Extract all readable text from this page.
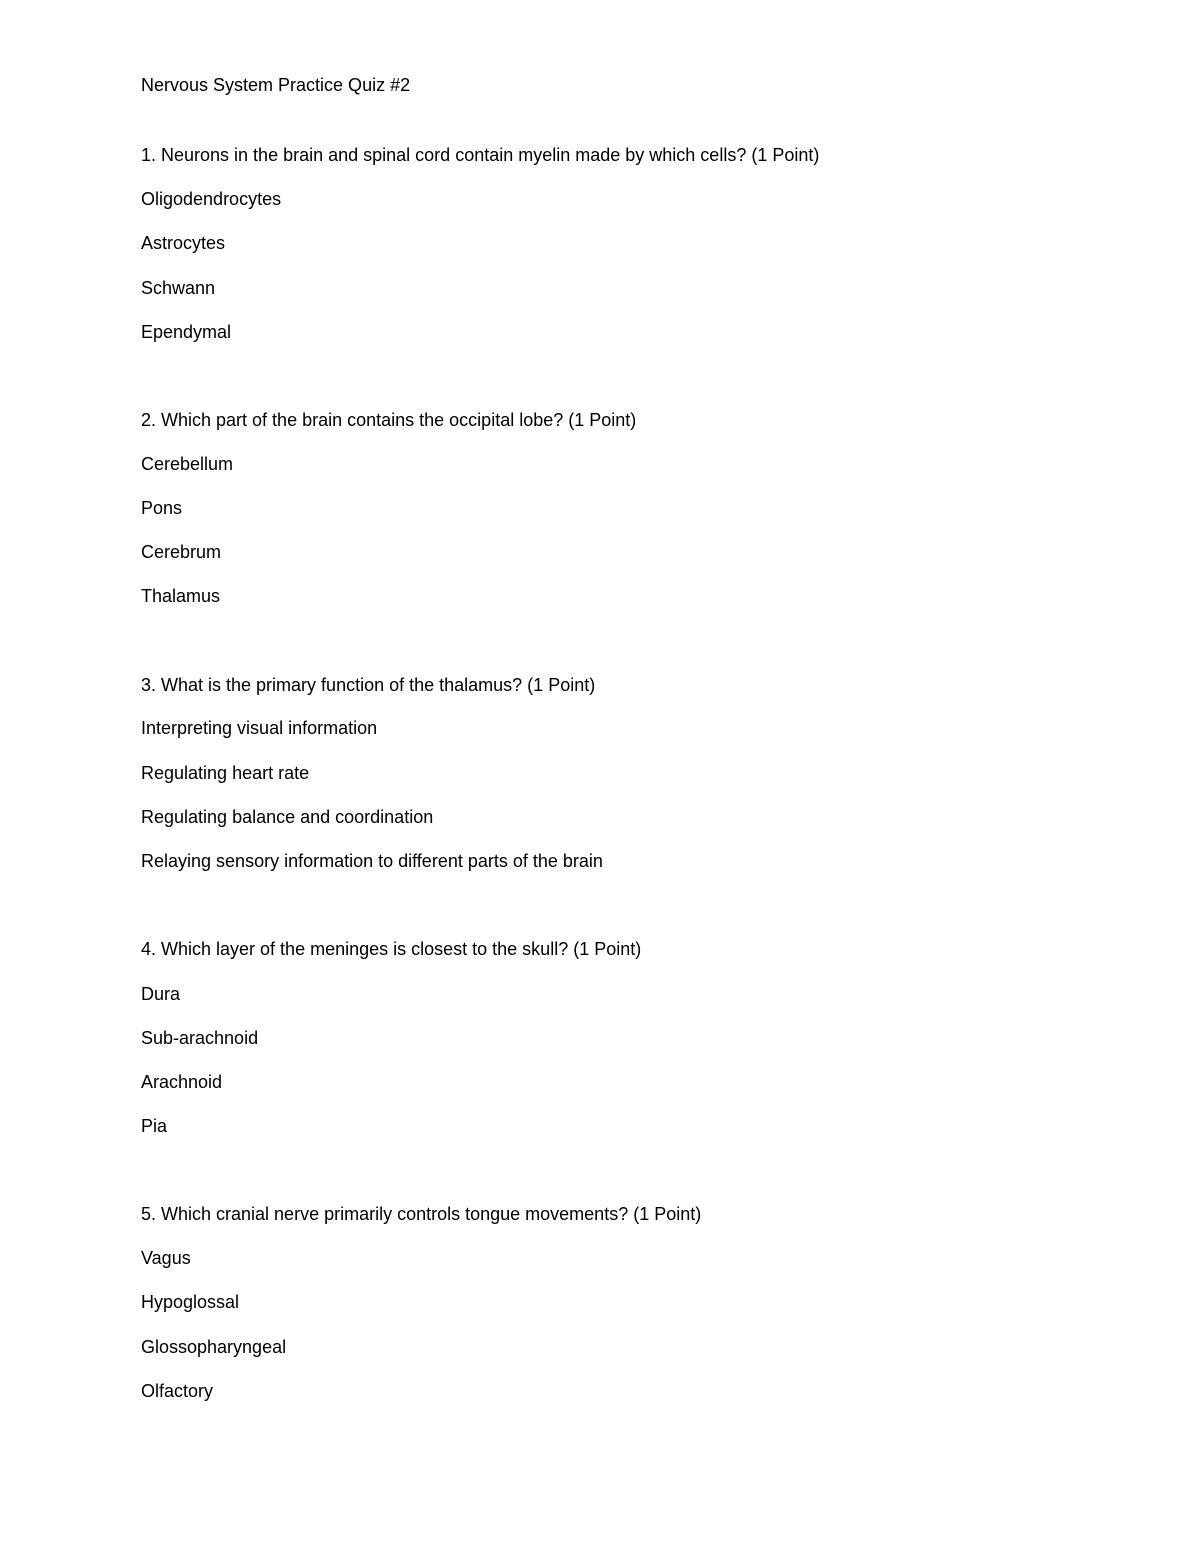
Nervous System Practice Quiz #2
1. Neurons in the brain and spinal cord contain myelin made by which cells? (1 Point)
Oligodendrocytes
Astrocytes
Schwann
Ependymal
2. Which part of the brain contains the occipital lobe? (1 Point)
Cerebellum
Pons
Cerebrum
Thalamus
3. What is the primary function of the thalamus? (1 Point)
Interpreting visual information
Regulating heart rate
Regulating balance and coordination
Relaying sensory information to different parts of the brain
4. Which layer of the meninges is closest to the skull? (1 Point)
Dura
Sub-arachnoid
Arachnoid
Pia
5. Which cranial nerve primarily controls tongue movements? (1 Point)
Vagus
Hypoglossal
Glossopharyngeal
Olfactory
